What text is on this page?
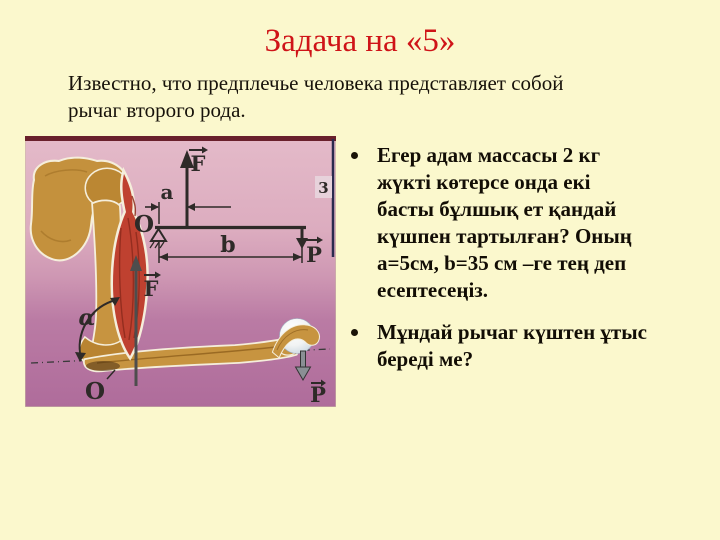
Задача на «5»
Известно, что предплечье человека представляет собой
рычаг второго рода.
3
F
α
O	P
O
a
b
F
P
Егер адам массасы 2 кг
жүкті көтерсе онда екі
басты бұлшық ет қандай
күшпен тартылған? Оның
а=5см, b=35 см –ге тең деп
есептесеңіз.
Мұндай рычаг күштен ұтыс
береді ме?
